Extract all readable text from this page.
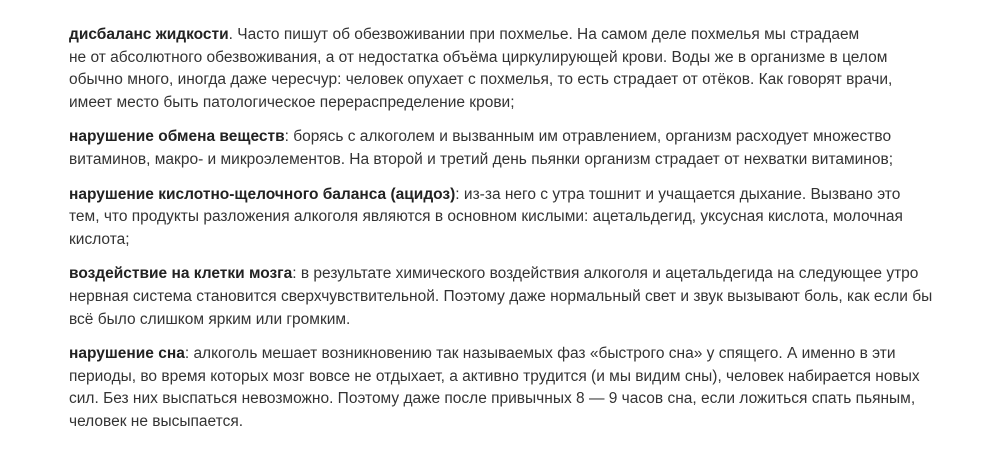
дисбаланс жидкости. Часто пишут об обезвоживании при похмелье. На самом деле похмелья мы страдаем
не от абсолютного обезвоживания, а от недостатка объёма циркулирующей крови. Воды же в организме в целом
обычно много, иногда даже чересчур: человек опухает с похмелья, то есть страдает от отёков. Как говорят врачи,
имеет место быть патологическое перераспределение крови;

нарушение обмена веществ: борясь с алкоголем и вызванным им отравлением, организм расходует множество
витаминов, макро- и микроэлементов. На второй и третий день пьянки организм страдает от нехватки витаминов;

нарушение кислотно-щелочного баланса (ацидоз): из-за него с утра тошнит и учащается дыхание. Вызвано это
тем, что продукты разложения алкоголя являются в основном кислыми: ацетальдегид, уксусная кислота, молочная
кислота;

воздействие на клетки мозга: в результате химического воздействия алкоголя и ацетальдегида на следующее утро
нервная система становится сверхчувствительной. Поэтому даже нормальный свет и звук вызывают боль, как если бы
всё было слишком ярким или громким.

нарушение сна: алкоголь мешает возникновению так называемых фаз «быстрого сна» у спящего. А именно в эти
периоды, во время которых мозг вовсе не отдыхает, а активно трудится (и мы видим сны), человек набирается новых
сил. Без них выспаться невозможно. Поэтому даже после привычных 8 — 9 часов сна, если ложиться спать пьяным,
человек не высыпается.
